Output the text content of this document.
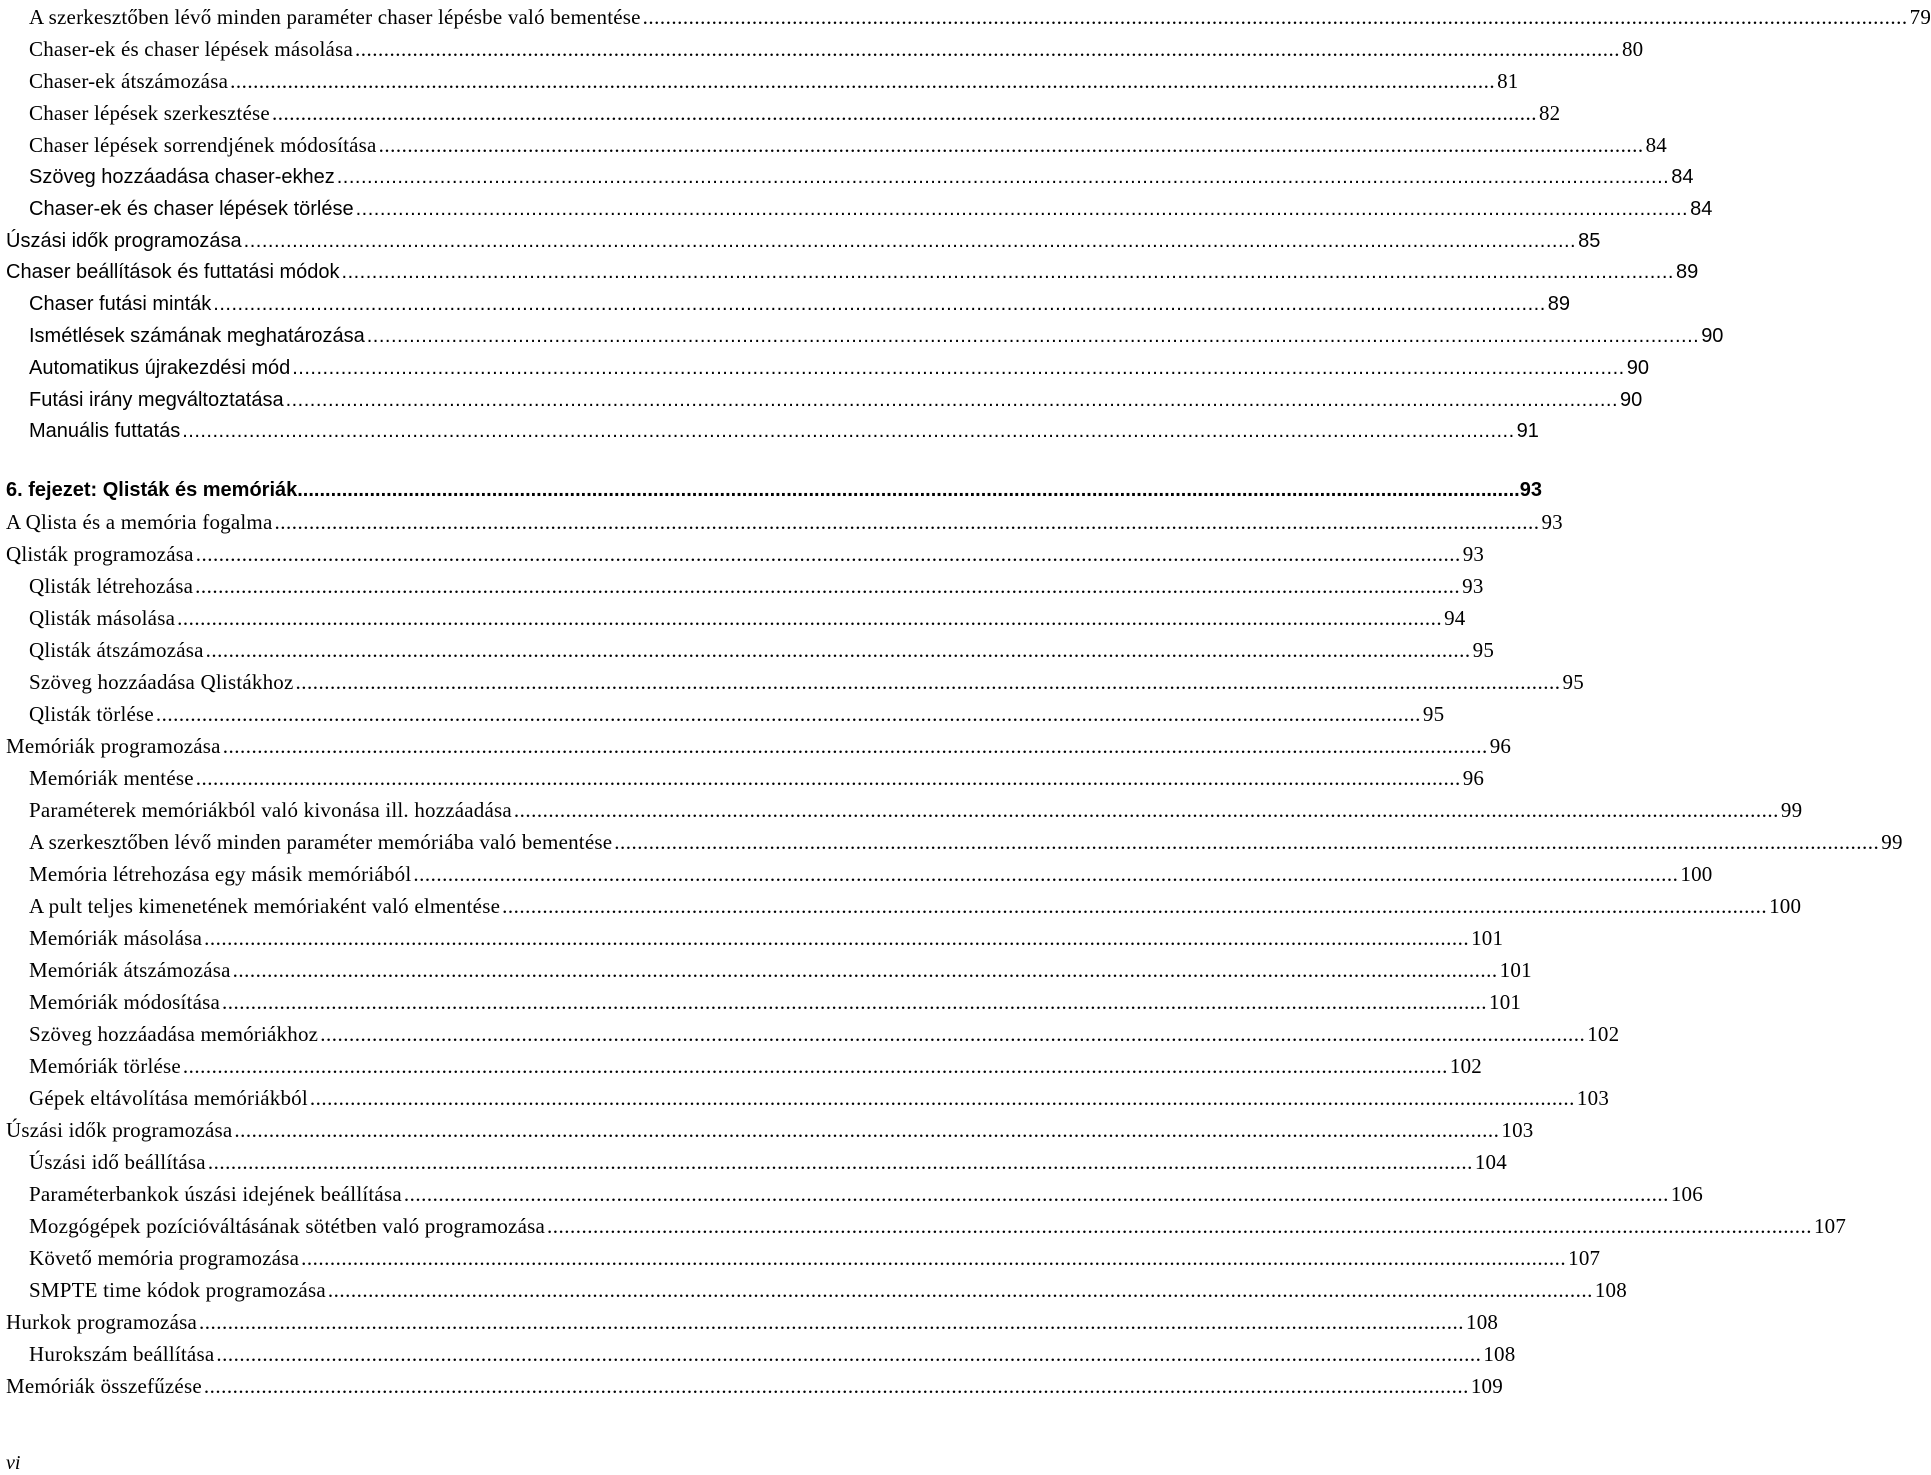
A szerkesztőben lévő minden paraméter chaser lépésbe való bementése ............................................................................................................................................................................................................................ 79
Chaser-ek és chaser lépések másolása ............................................................................................................................................................................................................................ 80
Chaser-ek átszámozása ............................................................................................................................................................................................................................ 81
Chaser lépések szerkesztése ............................................................................................................................................................................................................................ 82
Chaser lépések sorrendjének módosítása ............................................................................................................................................................................................................................ 84
Szöveg hozzáadása chaser-ekhez ............................................................................................................................................................................................................................ 84
Chaser-ek és chaser lépések törlése ............................................................................................................................................................................................................................ 84
Úszási idők programozása ............................................................................................................................................................................................................................ 85
Chaser beállítások és futtatási módok ............................................................................................................................................................................................................................ 89
Chaser futási minták ............................................................................................................................................................................................................................ 89
Ismétlések számának meghatározása ............................................................................................................................................................................................................................ 90
Automatikus újrakezdési mód ............................................................................................................................................................................................................................ 90
Futási irány megváltoztatása ............................................................................................................................................................................................................................ 90
Manuális futtatás ............................................................................................................................................................................................................................ 91
6. fejezet: Qlisták és memóriák ............................................................................................................................................................................................................................ 93
A Qlista és a memória fogalma ............................................................................................................................................................................................................................ 93
Qlisták programozása ............................................................................................................................................................................................................................ 93
Qlisták létrehozása ............................................................................................................................................................................................................................ 93
Qlisták másolása ............................................................................................................................................................................................................................ 94
Qlisták átszámozása ............................................................................................................................................................................................................................ 95
Szöveg hozzáadása Qlistákhoz ............................................................................................................................................................................................................................ 95
Qlisták törlése ............................................................................................................................................................................................................................ 95
Memóriák programozása ............................................................................................................................................................................................................................ 96
Memóriák mentése ............................................................................................................................................................................................................................ 96
Paraméterek memóriákból való kivonása ill. hozzáadása ............................................................................................................................................................................................................................ 99
A szerkesztőben lévő minden paraméter memóriába való bementése ............................................................................................................................................................................................................................ 99
Memória létrehozása egy másik memóriából ............................................................................................................................................................................................................................ 100
A pult teljes kimenetének memóriaként való elmentése ............................................................................................................................................................................................................................ 100
Memóriák másolása ............................................................................................................................................................................................................................ 101
Memóriák átszámozása ............................................................................................................................................................................................................................ 101
Memóriák módosítása ............................................................................................................................................................................................................................ 101
Szöveg hozzáadása memóriákhoz ............................................................................................................................................................................................................................ 102
Memóriák törlése ............................................................................................................................................................................................................................ 102
Gépek eltávolítása memóriákból ............................................................................................................................................................................................................................ 103
Úszási idők programozása ............................................................................................................................................................................................................................ 103
Úszási idő beállítása ............................................................................................................................................................................................................................ 104
Paraméterbankok úszási idejének beállítása ............................................................................................................................................................................................................................ 106
Mozgógépek pozícióváltásának sötétben való programozása ............................................................................................................................................................................................................................ 107
Követő memória programozása ............................................................................................................................................................................................................................ 107
SMPTE time kódok programozása ............................................................................................................................................................................................................................ 108
Hurkok programozása ............................................................................................................................................................................................................................ 108
Hurokszám beállítása ............................................................................................................................................................................................................................ 108
Memóriák összefűzése ............................................................................................................................................................................................................................ 109
vi
